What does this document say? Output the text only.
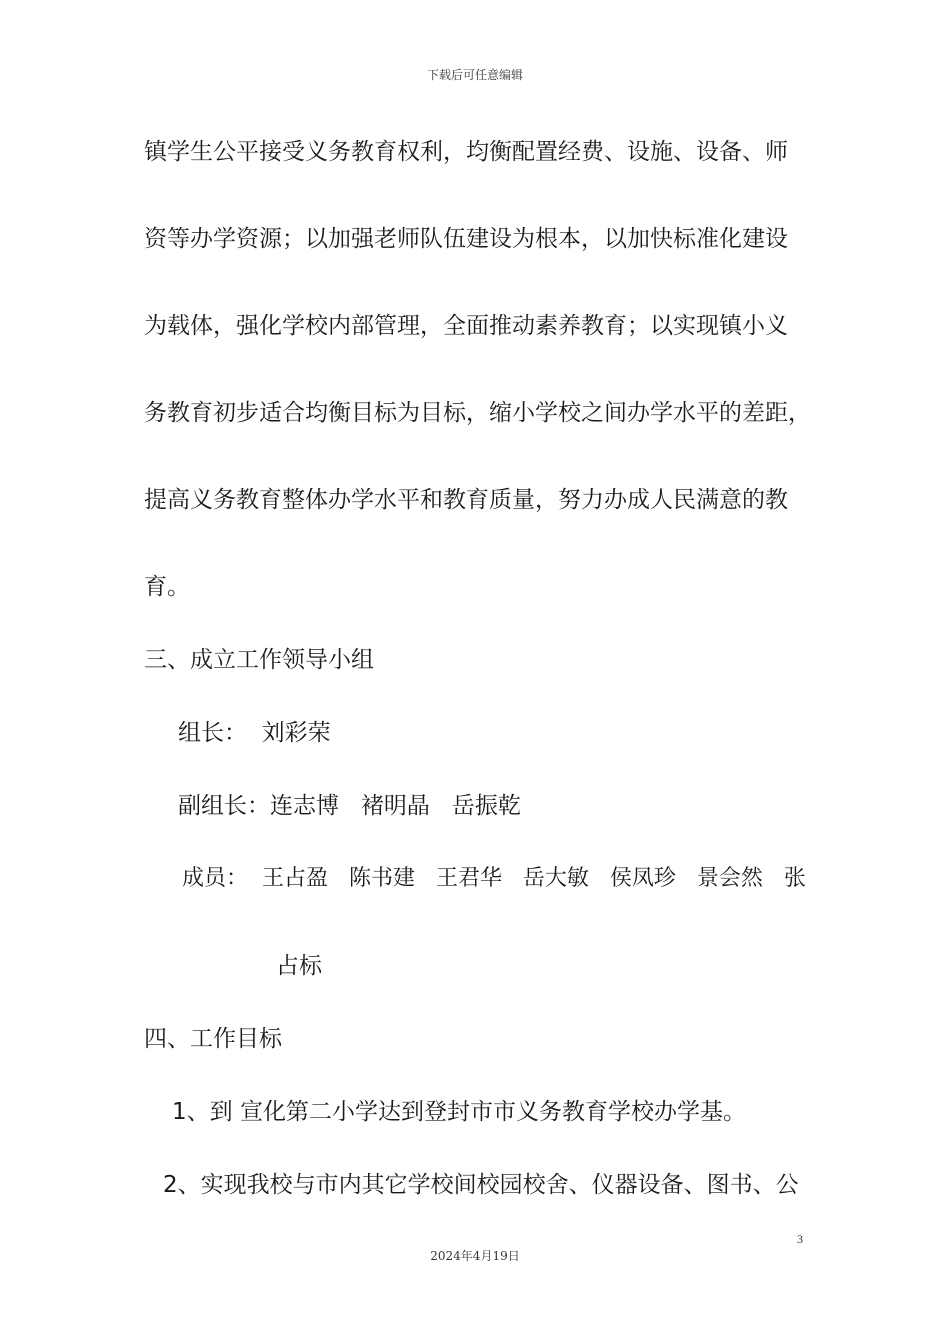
下载后可任意编辑
镇学生公平接受义务教育权利，均衡配置经费、设施、设备、师
资等办学资源；以加强老师队伍建设为根本，以加快标准化建设
为载体，强化学校内部管理，全面推动素养教育；以实现镇小义
务教育初步适合均衡目标为目标，缩小学校之间办学水平的差距，
提高义务教育整体办学水平和教育质量，努力办成人民满意的教
育。
三、成立工作领导小组
组长：  刘彩荣
副组长：连志博   褚明晶   岳振乾
成员：  王占盈   陈书建   王君华   岳大敏   侯凤珍   景会然   张
占标
四、工作目标
1、到 宣化第二小学达到登封市市义务教育学校办学基。
2、实现我校与市内其它学校间校园校舍、仪器设备、图书、公
3
2024年4月19日
